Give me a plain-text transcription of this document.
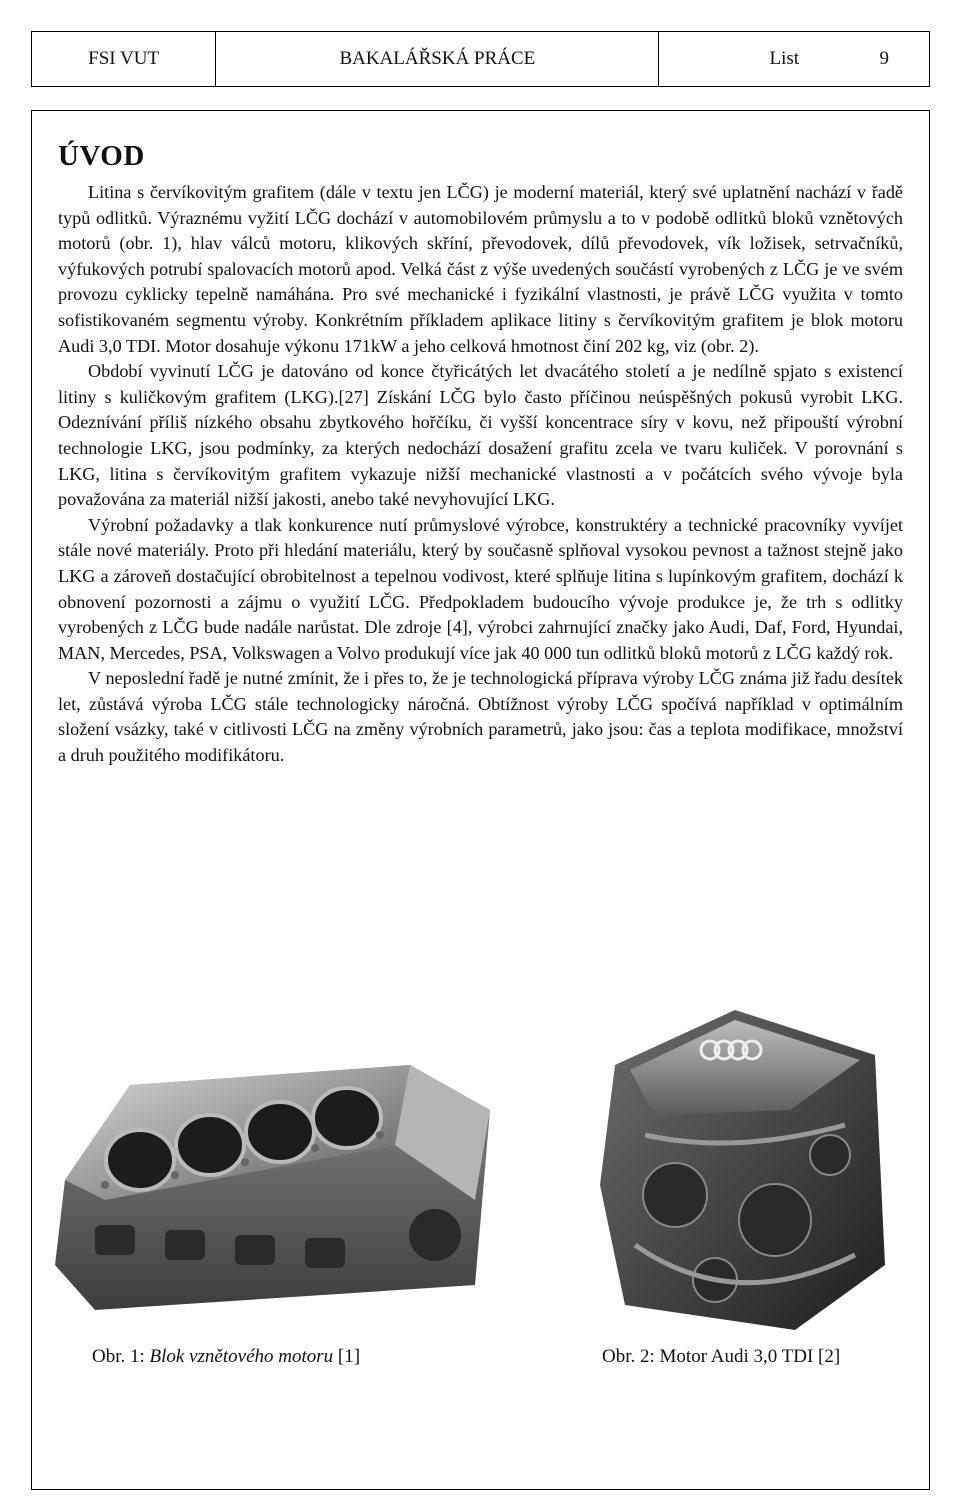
FSI VUT	BAKALÁŘSKÁ PRÁCE	List	9
ÚVOD

Litina s červíkovitým grafitem (dále v textu jen LČG) je moderní materiál, který své uplatnění nachází v řadě typů odlitků. Výraznému vyžití LČG dochází v automobilovém průmyslu a to v podobě odlitků bloků vznětových motorů (obr. 1), hlav válců motoru, klikových skříní, převodovek, dílů převodovek, vík ložisek, setrvačníků, výfukových potrubí spalovacích motorů apod. Velká část z výše uvedených součástí vyrobených z LČG je ve svém provozu cyklicky tepelně namáhána. Pro své mechanické i fyzikální vlastnosti, je právě LČG využita v tomto sofistikovaném segmentu výroby. Konkrétním příkladem aplikace litiny s červíkovitým grafitem je blok motoru Audi 3,0 TDI. Motor dosahuje výkonu 171kW a jeho celková hmotnost činí 202 kg, viz (obr. 2).

Období vyvinutí LČG je datováno od konce čtyřicátých let dvacátého století a je nedílně spjato s existencí litiny s kuličkovým grafitem (LKG).[27] Získání LČG bylo často příčinou neúspěšných pokusů vyrobit LKG. Odeznívání příliš nízkého obsahu zbytkového hořčíku, či vyšší koncentrace síry v kovu, než připouští výrobní technologie LKG, jsou podmínky, za kterých nedochází dosažení grafitu zcela ve tvaru kuliček. V porovnání s LKG, litina s červíkovitým grafitem vykazuje nižší mechanické vlastnosti a v počátcích svého vývoje byla považována za materiál nižší jakosti, anebo také nevyhovující LKG.

Výrobní požadavky a tlak konkurence nutí průmyslové výrobce, konstruktéry a technické pracovníky vyvíjet stále nové materiály. Proto při hledání materiálu, který by současně splňoval vysokou pevnost a tažnost stejně jako LKG a zároveň dostačující obrobitelnost a tepelnou vodivost, které splňuje litina s lupínkovým grafitem, dochází k obnovení pozornosti a zájmu o využití LČG. Předpokladem budoucího vývoje produkce je, že trh s odlitky vyrobených z LČG bude nadále narůstat. Dle zdroje [4], výrobci zahrnující značky jako Audi, Daf, Ford, Hyundai, MAN, Mercedes, PSA, Volkswagen a Volvo produkují více jak 40 000 tun odlitků bloků motorů z LČG každý rok.

V neposlední řadě je nutné zmínit, že i přes to, že je technologická příprava výroby LČG známa již řadu desítek let, zůstává výroba LČG stále technologicky náročná. Obtížnost výroby LČG spočívá například v optimálním složení vsázky, také v citlivosti LČG na změny výrobních parametrů, jako jsou: čas a teplota modifikace, množství a druh použitého modifikátoru.

Obr. 1: Blok vznětového motoru [1]	Obr. 2: Motor Audi 3,0 TDI [2]
